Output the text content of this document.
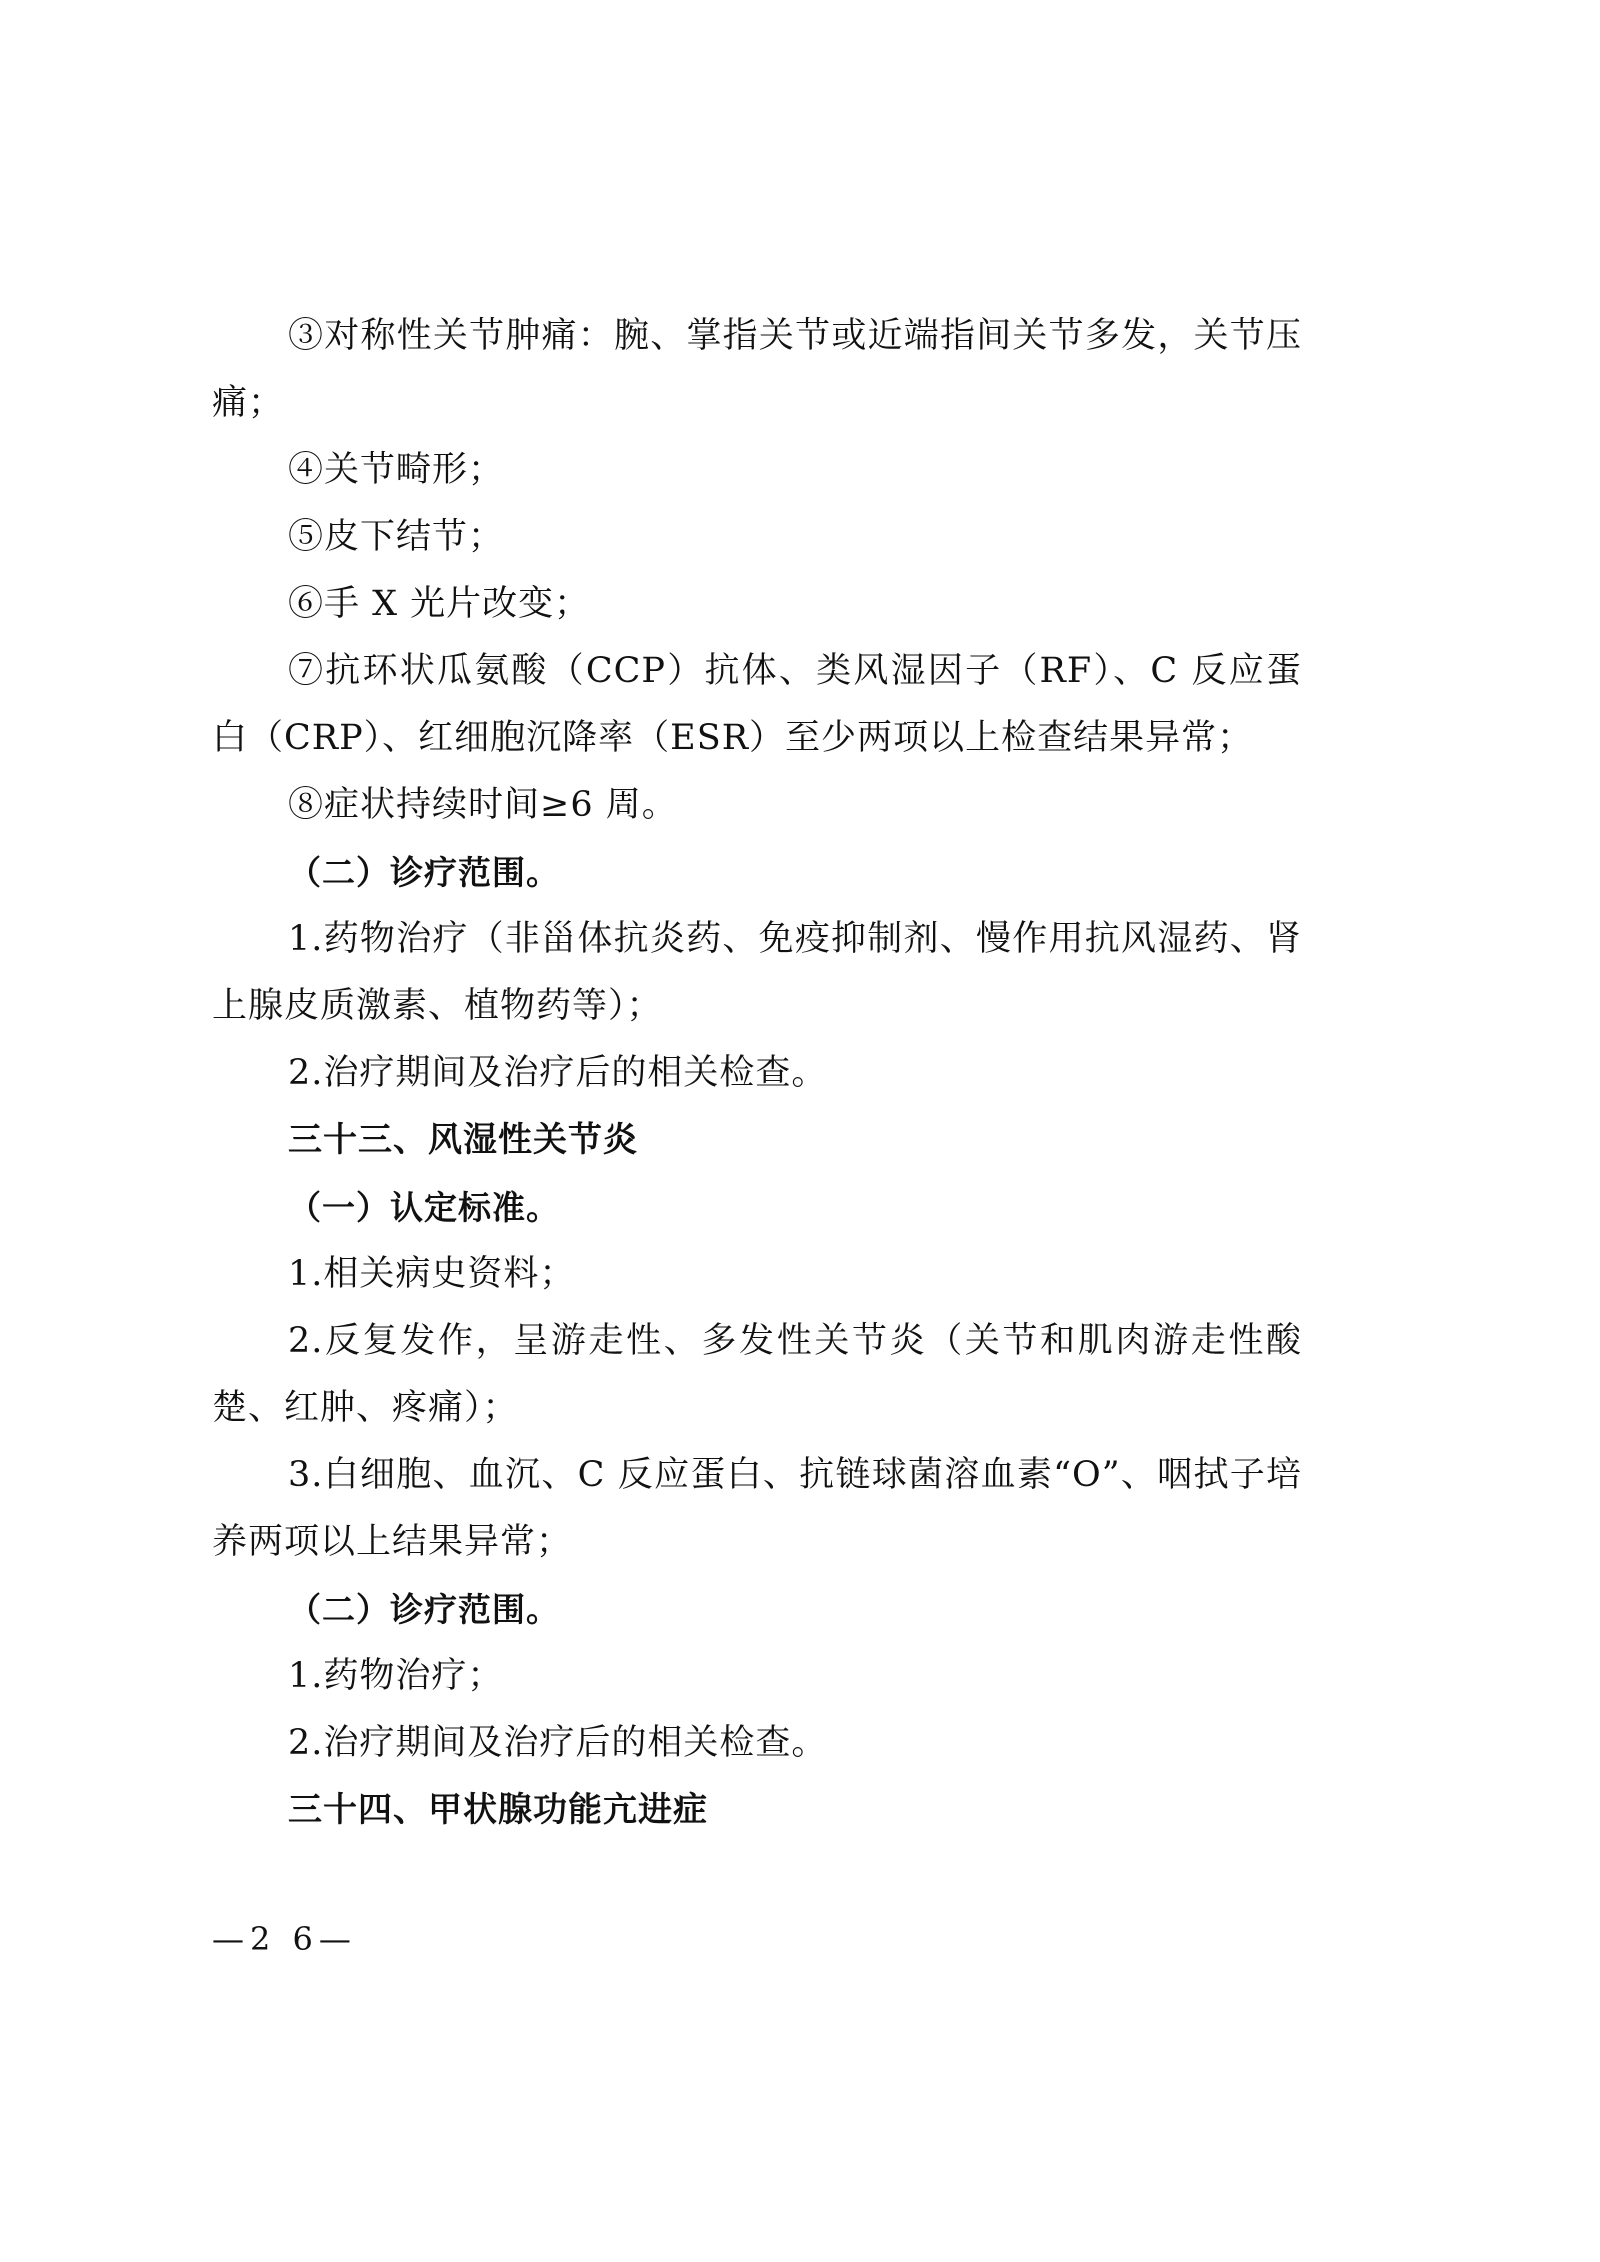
③对称性关节肿痛：腕、掌指关节或近端指间关节多发，关节压痛；

④关节畸形；

⑤皮下结节；

⑥手 X 光片改变；

⑦抗环状瓜氨酸（CCP）抗体、类风湿因子（RF）、C 反应蛋白（CRP）、红细胞沉降率（ESR）至少两项以上检查结果异常；

⑧症状持续时间≥6 周。

（二）诊疗范围。

1.药物治疗（非甾体抗炎药、免疫抑制剂、慢作用抗风湿药、肾上腺皮质激素、植物药等）；

2.治疗期间及治疗后的相关检查。

三十三、风湿性关节炎

（一）认定标准。

1.相关病史资料；

2.反复发作，呈游走性、多发性关节炎（关节和肌肉游走性酸楚、红肿、疼痛）；

3.白细胞、血沉、C 反应蛋白、抗链球菌溶血素“O”、咽拭子培养两项以上结果异常；

（二）诊疗范围。

1.药物治疗；

2.治疗期间及治疗后的相关检查。

三十四、甲状腺功能亢进症

—2 6—
